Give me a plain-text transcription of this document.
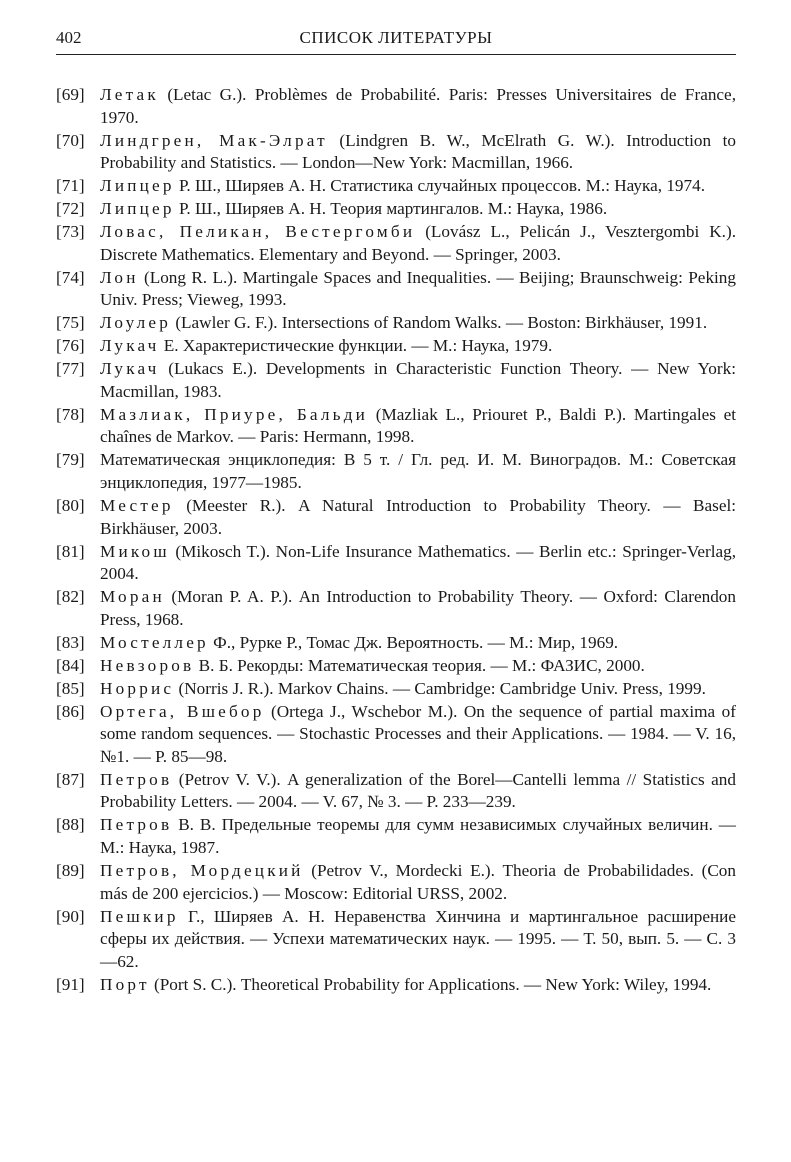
402	СПИСОК ЛИТЕРАТУРЫ
[69] Летак (Letac G.). Problèmes de Probabilité. Paris: Presses Universitaires de France, 1970.
[70] Линдгрен, Мак-Элрат (Lindgren B. W., McElrath G. W.). Introduction to Probability and Statistics. — London—New York: Macmillan, 1966.
[71] Липцер Р. Ш., Ширяев А. Н. Статистика случайных процессов. М.: Наука, 1974.
[72] Липцер Р. Ш., Ширяев А. Н. Теория мартингалов. М.: Наука, 1986.
[73] Ловас, Пеликан, Вестергомби (Lovász L., Pelicán J., Vesztergombi K.). Discrete Mathematics. Elementary and Beyond. — Springer, 2003.
[74] Лон (Long R. L.). Martingale Spaces and Inequalities. — Beijing; Braunschweig: Peking Univ. Press; Vieweg, 1993.
[75] Лоулер (Lawler G. F.). Intersections of Random Walks. — Boston: Birkhäuser, 1991.
[76] Лукач Е. Характеристические функции. — М.: Наука, 1979.
[77] Лукач (Lukacs E.). Developments in Characteristic Function Theory. — New York: Macmillan, 1983.
[78] Мазлиак, Приуре, Бальди (Mazliak L., Priouret P., Baldi P.). Martingales et chaînes de Markov. — Paris: Hermann, 1998.
[79] Математическая энциклопедия: В 5 т. / Гл. ред. И. М. Виноградов. М.: Советская энциклопедия, 1977—1985.
[80] Местер (Meester R.). A Natural Introduction to Probability Theory. — Basel: Birkhäuser, 2003.
[81] Микош (Mikosch T.). Non-Life Insurance Mathematics. — Berlin etc.: Springer-Verlag, 2004.
[82] Моран (Moran P. A. P.). An Introduction to Probability Theory. — Oxford: Clarendon Press, 1968.
[83] Мостеллер Ф., Рурке Р., Томас Дж. Вероятность. — М.: Мир, 1969.
[84] Невзоров В. Б. Рекорды: Математическая теория. — М.: ФАЗИС, 2000.
[85] Норрис (Norris J. R.). Markov Chains. — Cambridge: Cambridge Univ. Press, 1999.
[86] Ортега, Вшебор (Ortega J., Wschebor M.). On the sequence of partial maxima of some random sequences. — Stochastic Processes and their Applications. — 1984. — V. 16, №1. — P. 85—98.
[87] Петров (Petrov V. V.). A generalization of the Borel—Cantelli lemma // Statistics and Probability Letters. — 2004. — V. 67, № 3. — P. 233—239.
[88] Петров В. В. Предельные теоремы для сумм независимых случайных величин. — М.: Наука, 1987.
[89] Петров, Мордецкий (Petrov V., Mordecki E.). Theoria de Probabilidades. (Con más de 200 ejercicios.) — Moscow: Editorial URSS, 2002.
[90] Пешкир Г., Ширяев А. Н. Неравенства Хинчина и мартингальное расширение сферы их действия. — Успехи математических наук. — 1995. — Т. 50, вып. 5. — С. 3—62.
[91] Порт (Port S. C.). Theoretical Probability for Applications. — New York: Wiley, 1994.
